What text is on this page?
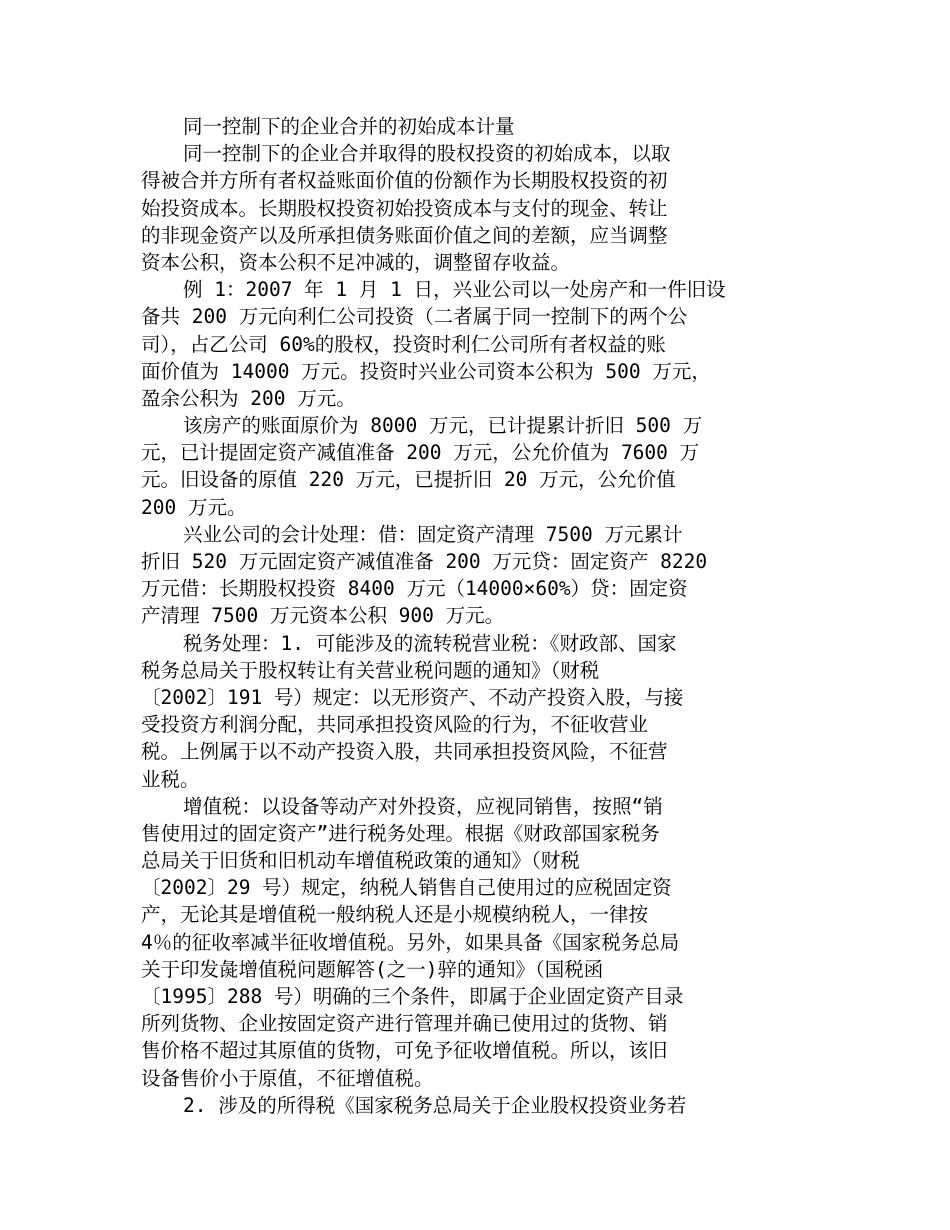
同一控制下的企业合并的初始成本计量
同一控制下的企业合并取得的股权投资的初始成本，以取
得被合并方所有者权益账面价值的份额作为长期股权投资的初
始投资成本。长期股权投资初始投资成本与支付的现金、转让
的非现金资产以及所承担债务账面价值之间的差额，应当调整
资本公积，资本公积不足冲减的，调整留存收益。
例 1：2007 年 1 月 1 日，兴业公司以一处房产和一件旧设
备共 200 万元向利仁公司投资（二者属于同一控制下的两个公
司），占乙公司 60%的股权，投资时利仁公司所有者权益的账
面价值为 14000 万元。投资时兴业公司资本公积为 500 万元，
盈余公积为 200 万元。
该房产的账面原价为 8000 万元，已计提累计折旧 500 万
元，已计提固定资产减值准备 200 万元，公允价值为 7600 万
元。旧设备的原值 220 万元，已提折旧 20 万元，公允价值
200 万元。
兴业公司的会计处理：借：固定资产清理 7500 万元累计
折旧 520 万元固定资产减值准备 200 万元贷：固定资产 8220
万元借：长期股权投资 8400 万元（14000×60%）贷：固定资
产清理 7500 万元资本公积 900 万元。
税务处理：1. 可能涉及的流转税营业税：《财政部、国家
税务总局关于股权转让有关营业税问题的通知》（财税
〔2002〕191 号）规定：以无形资产、不动产投资入股，与接
受投资方利润分配，共同承担投资风险的行为，不征收营业
税。上例属于以不动产投资入股，共同承担投资风险，不征营
业税。
增值税：以设备等动产对外投资，应视同销售，按照“销
售使用过的固定资产”进行税务处理。根据《财政部国家税务
总局关于旧货和旧机动车增值税政策的通知》（财税
〔2002〕29 号）规定，纳税人销售自己使用过的应税固定资
产，无论其是增值税一般纳税人还是小规模纳税人，一律按
4％的征收率减半征收增值税。另外，如果具备《国家税务总局
关于印发彘增值税问题解答(之一)骍的通知》（国税函
〔1995〕288 号）明确的三个条件，即属于企业固定资产目录
所列货物、企业按固定资产进行管理并确已使用过的货物、销
售价格不超过其原值的货物，可免予征收增值税。所以，该旧
设备售价小于原值，不征增值税。
2. 涉及的所得税《国家税务总局关于企业股权投资业务若
